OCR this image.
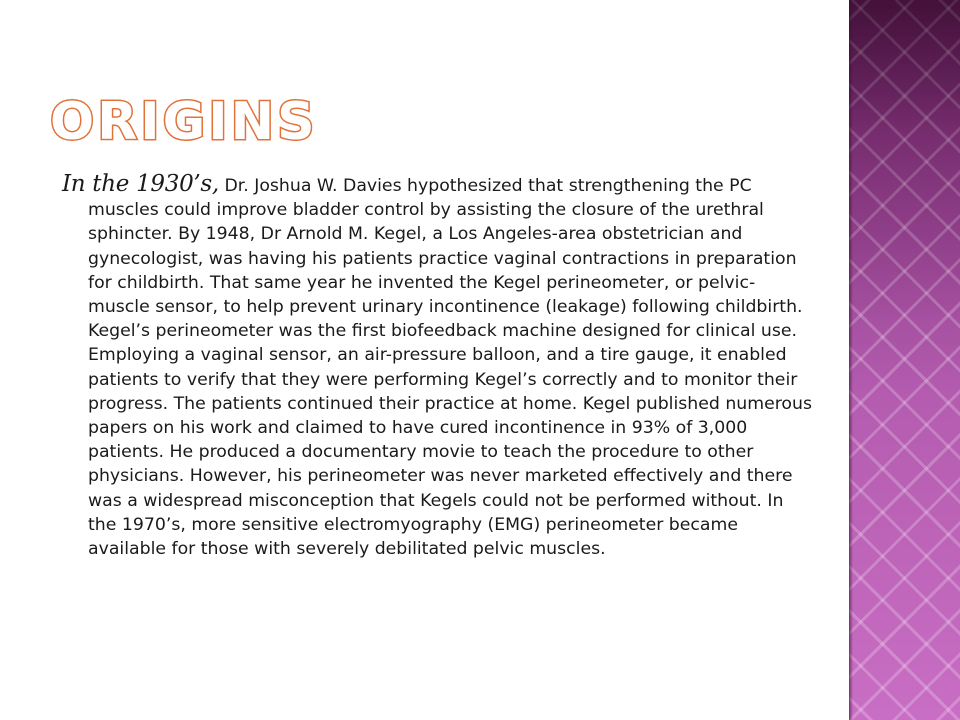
ORIGINS

In the 1930’s, Dr. Joshua W. Davies hypothesized that strengthening the PC muscles could improve bladder control by assisting the closure of the urethral sphincter. By 1948, Dr Arnold M. Kegel, a Los Angeles-area obstetrician and gynecologist, was having his patients practice vaginal contractions in preparation for childbirth. That same year he invented the Kegel perineometer, or pelvic-muscle sensor, to help prevent urinary incontinence (leakage) following childbirth.

Kegel’s perineometer was the first biofeedback machine designed for clinical use. Employing a vaginal sensor, an air-pressure balloon, and a tire gauge, it enabled patients to verify that they were performing Kegel’s correctly and to monitor their progress. The patients continued their practice at home. Kegel published numerous papers on his work and claimed to have cured incontinence in 93% of 3,000 patients. He produced a documentary movie to teach the procedure to other physicians. However, his perineometer was never marketed effectively and there was a widespread misconception that Kegels could not be performed without. In the 1970’s, more sensitive electromyography (EMG) perineometer became available for those with severely debilitated pelvic muscles.
